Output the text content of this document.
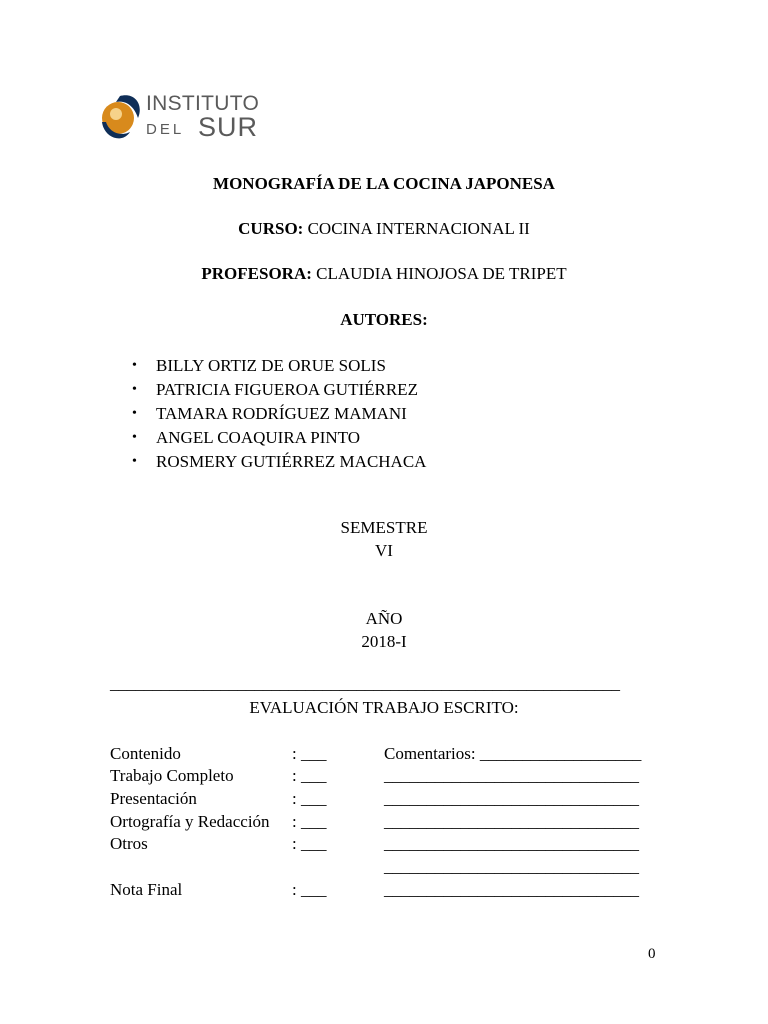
INSTITUTO
DEL SUR
MONOGRAFÍA DE LA COCINA JAPONESA
CURSO: COCINA INTERNACIONAL II
PROFESORA: CLAUDIA HINOJOSA DE TRIPET
AUTORES:
• BILLY ORTIZ DE ORUE SOLIS
• PATRICIA FIGUEROA GUTIÉRREZ
• TAMARA RODRÍGUEZ MAMANI
• ANGEL COAQUIRA PINTO
• ROSMERY GUTIÉRREZ MACHACA
SEMESTRE
VI
AÑO
2018-I
____________________________________________________________
EVALUACIÓN TRABAJO ESCRITO:
Contenido	: ___	Comentarios: ___________________
Trabajo Completo	: ___	______________________________
Presentación	: ___	______________________________
Ortografía y Redacción : ___	______________________________
Otros	: ___	______________________________
______________________________
Nota Final	: ___	______________________________
0
